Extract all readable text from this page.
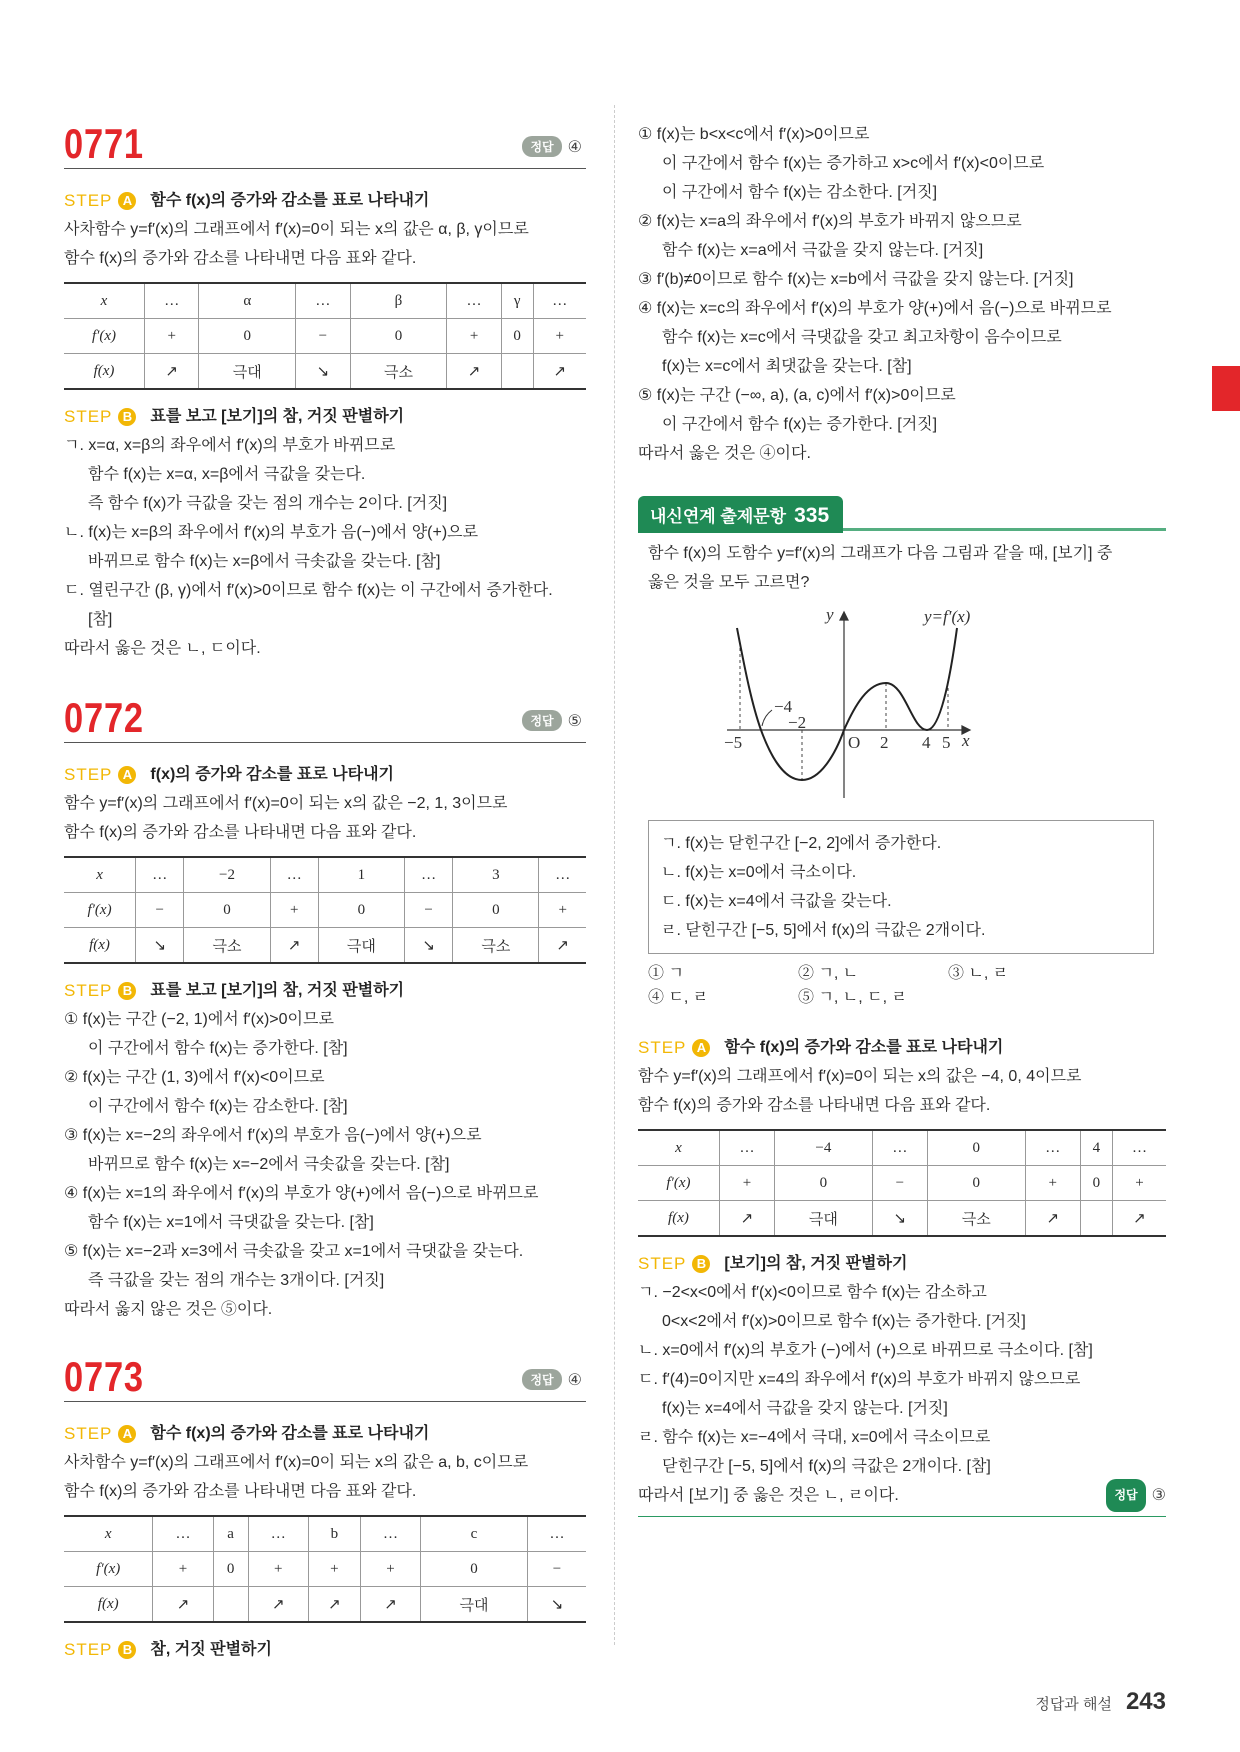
0771	정답 ④
STEP A 함수 f(x)의 증가와 감소를 표로 나타내기
사차함수 y=f′(x)의 그래프에서 f′(x)=0이 되는 x의 값은 α, β, γ이므로
함수 f(x)의 증가와 감소를 나타내면 다음 표와 같다.
x	…	α	…	β	…	γ	…
f′(x)	+	0	−	0	+	0	+
f(x)	↗	극대	↘	극소	↗		↗
STEP B 표를 보고 [보기]의 참, 거짓 판별하기
ㄱ. x=α, x=β의 좌우에서 f′(x)의 부호가 바뀌므로
함수 f(x)는 x=α, x=β에서 극값을 갖는다.
즉 함수 f(x)가 극값을 갖는 점의 개수는 2이다. [거짓]
ㄴ. f(x)는 x=β의 좌우에서 f′(x)의 부호가 음(−)에서 양(+)으로
바뀌므로 함수 f(x)는 x=β에서 극솟값을 갖는다. [참]
ㄷ. 열린구간 (β, γ)에서 f′(x)>0이므로 함수 f(x)는 이 구간에서 증가한다.
[참]
따라서 옳은 것은 ㄴ, ㄷ이다.
0772	정답 ⑤
STEP A f(x)의 증가와 감소를 표로 나타내기
함수 y=f′(x)의 그래프에서 f′(x)=0이 되는 x의 값은 −2, 1, 3이므로
함수 f(x)의 증가와 감소를 나타내면 다음 표와 같다.
x	…	−2	…	1	…	3	…
f′(x)	−	0	+	0	−	0	+
f(x)	↘	극소	↗	극대	↘	극소	↗
STEP B 표를 보고 [보기]의 참, 거짓 판별하기
① f(x)는 구간 (−2, 1)에서 f′(x)>0이므로
이 구간에서 함수 f(x)는 증가한다. [참]
② f(x)는 구간 (1, 3)에서 f′(x)<0이므로
이 구간에서 함수 f(x)는 감소한다. [참]
③ f(x)는 x=−2의 좌우에서 f′(x)의 부호가 음(−)에서 양(+)으로
바뀌므로 함수 f(x)는 x=−2에서 극솟값을 갖는다. [참]
④ f(x)는 x=1의 좌우에서 f′(x)의 부호가 양(+)에서 음(−)으로 바뀌므로
함수 f(x)는 x=1에서 극댓값을 갖는다. [참]
⑤ f(x)는 x=−2과 x=3에서 극솟값을 갖고 x=1에서 극댓값을 갖는다.
즉 극값을 갖는 점의 개수는 3개이다. [거짓]
따라서 옳지 않은 것은 ⑤이다.
0773	정답 ④
STEP A 함수 f(x)의 증가와 감소를 표로 나타내기
사차함수 y=f′(x)의 그래프에서 f′(x)=0이 되는 x의 값은 a, b, c이므로
함수 f(x)의 증가와 감소를 나타내면 다음 표와 같다.
x	…	a	…	b	…	c	…
f′(x)	+	0	+	+	+	0	−
f(x)	↗		↗	↗	↗	극대	↘
STEP B 참, 거짓 판별하기
① f(x)는 b<x<c에서 f′(x)>0이므로
이 구간에서 함수 f(x)는 증가하고 x>c에서 f′(x)<0이므로
이 구간에서 함수 f(x)는 감소한다. [거짓]
② f(x)는 x=a의 좌우에서 f′(x)의 부호가 바뀌지 않으므로
함수 f(x)는 x=a에서 극값을 갖지 않는다. [거짓]
③ f′(b)≠0이므로 함수 f(x)는 x=b에서 극값을 갖지 않는다. [거짓]
④ f(x)는 x=c의 좌우에서 f′(x)의 부호가 양(+)에서 음(−)으로 바뀌므로
함수 f(x)는 x=c에서 극댓값을 갖고 최고차항이 음수이므로
f(x)는 x=c에서 최댓값을 갖는다. [참]
⑤ f(x)는 구간 (−∞, a), (a, c)에서 f′(x)>0이므로
이 구간에서 함수 f(x)는 증가한다. [거짓]
따라서 옳은 것은 ④이다.
내신연계 출제문항 335
함수 f(x)의 도함수 y=f′(x)의 그래프가 다음 그림과 같을 때, [보기] 중
옳은 것을 모두 고르면?
y=f′(x)
y
x
−5
−4
−2
O 2 4 5
ㄱ. f(x)는 닫힌구간 [−2, 2]에서 증가한다.
ㄴ. f(x)는 x=0에서 극소이다.
ㄷ. f(x)는 x=4에서 극값을 갖는다.
ㄹ. 닫힌구간 [−5, 5]에서 f(x)의 극값은 2개이다.
① ㄱ	② ㄱ, ㄴ	③ ㄴ, ㄹ
④ ㄷ, ㄹ	⑤ ㄱ, ㄴ, ㄷ, ㄹ
STEP A 함수 f(x)의 증가와 감소를 표로 나타내기
함수 y=f′(x)의 그래프에서 f′(x)=0이 되는 x의 값은 −4, 0, 4이므로
함수 f(x)의 증가와 감소를 나타내면 다음 표와 같다.
x	…	−4	…	0	…	4	…
f′(x)	+	0	−	0	+	0	+
f(x)	↗	극대	↘	극소	↗		↗
STEP B [보기]의 참, 거짓 판별하기
ㄱ. −2<x<0에서 f′(x)<0이므로 함수 f(x)는 감소하고
0<x<2에서 f′(x)>0이므로 함수 f(x)는 증가한다. [거짓]
ㄴ. x=0에서 f′(x)의 부호가 (−)에서 (+)으로 바뀌므로 극소이다. [참]
ㄷ. f′(4)=0이지만 x=4의 좌우에서 f′(x)의 부호가 바뀌지 않으므로
f(x)는 x=4에서 극값을 갖지 않는다. [거짓]
ㄹ. 함수 f(x)는 x=−4에서 극대, x=0에서 극소이므로
닫힌구간 [−5, 5]에서 f(x)의 극값은 2개이다. [참]
따라서 [보기] 중 옳은 것은 ㄴ, ㄹ이다.	정답 ③
정답과 해설 243
